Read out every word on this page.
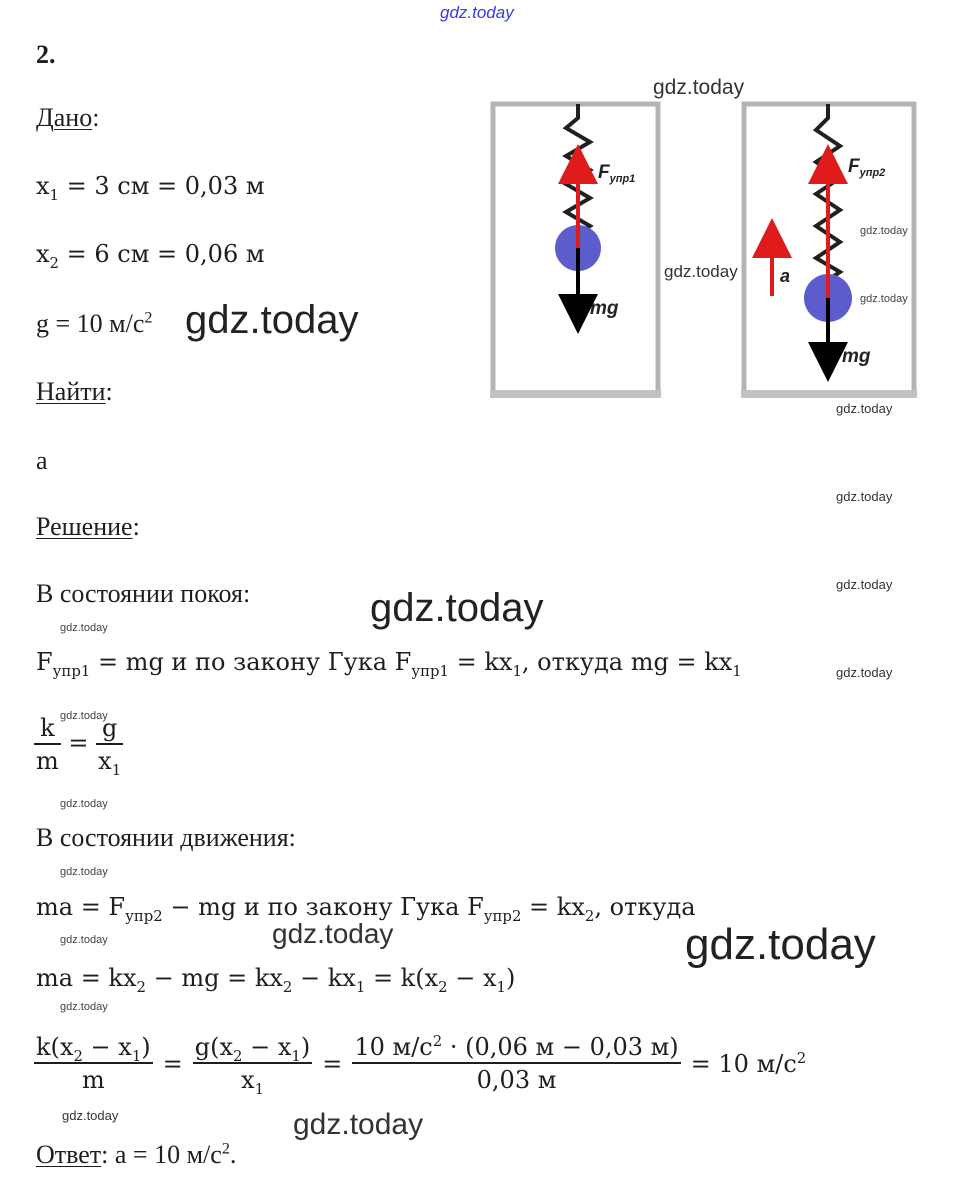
gdz.today
2.
Дано:
$x_1 = 3$ см = 0,03 м
$x_2 = 6$ см = 0,06 м
g = 10 $м/с^2$
Найти:
a
Решение:
В состоянии покоя:
$F_{упр1}$ = mg и по закону Гука $F_{упр1} = kx_1$, откуда mg = $kx_1$
$\frac{k}{m} = \frac{g}{x_1}$
В состоянии движения:
ma = $F_{упр2}$ − mg и по закону Гука $F_{упр2} = kx_2$, откуда
ma = $kx_2$ − mg = $kx_2 - kx_1 = k(x_2 - x_1)$
$\frac{k(x_2 - x_1)}{m} = \frac{g(x_2 - x_1)}{x_1} = \frac{10 м/с^2 \cdot (0,06 м - 0,03 м)}{0,03 м} = 10$ $м/с^2$
Ответ: a = 10 $м/с^2$.
$F_{упр1}$
mg
$F_{упр2}$
mg
a
gdz.today
gdz.today
gdz.today
gdz.today
gdz.today
gdz.today
gdz.today
gdz.today
gdz.today
gdz.today
gdz.today
gdz.today
gdz.today
gdz.today
gdz.today	gdz.today	gdz.today
gdz.today
gdz.today	gdz.today
